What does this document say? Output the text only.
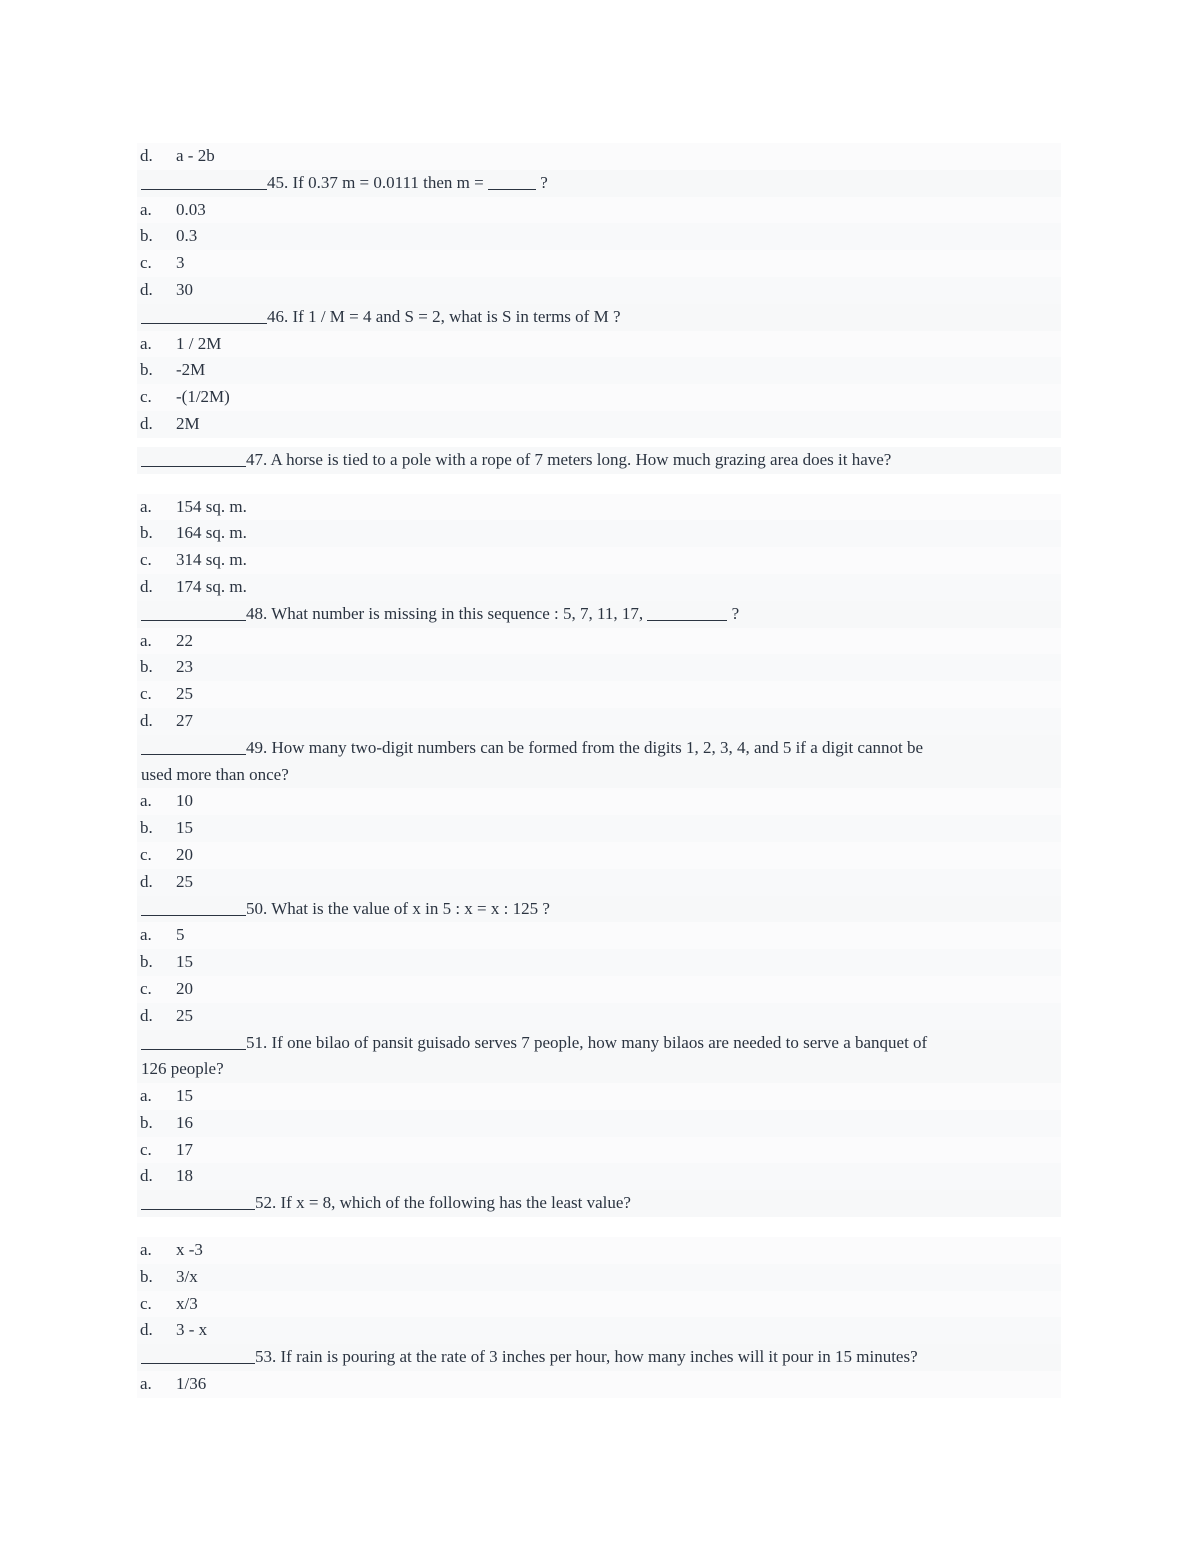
d. a - 2b
45. If 0.37 m = 0.0111 then m =	?
a. 0.03
b. 0.3
c. 3
d. 30
46. If 1 / M = 4 and S = 2, what is S in terms of M ?
a. 1 / 2M
b. -2M
c. -(1/2M)
d. 2M
47. A horse is tied to a pole with a rope of 7 meters long. How much grazing area does it have?
a. 154 sq. m.
b. 164 sq. m.
c. 314 sq. m.
d. 174 sq. m.
48. What number is missing in this sequence : 5, 7, 11, 17,	?
a. 22
b. 23
c. 25
d. 27
49. How many two-digit numbers can be formed from the digits 1, 2, 3, 4, and 5 if a digit cannot be
used more than once?
a. 10
b. 15
c. 20
d. 25
50. What is the value of x in 5 : x = x : 125 ?
a. 5
b. 15
c. 20
d. 25
51. If one bilao of pansit guisado serves 7 people, how many bilaos are needed to serve a banquet of
126 people?
a. 15
b. 16
c. 17
d. 18
52. If x = 8, which of the following has the least value?
a. x -3
b. 3/x
c. x/3
d. 3 - x
53. If rain is pouring at the rate of 3 inches per hour, how many inches will it pour in 15 minutes?
a. 1/36
